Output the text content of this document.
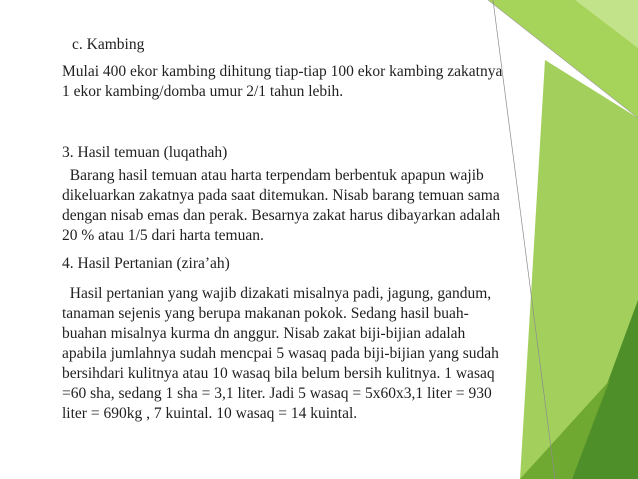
c. Kambing
Mulai 400 ekor kambing dihitung tiap-tiap 100 ekor kambing zakatnya
1 ekor kambing/domba umur 2/1 tahun lebih.
3. Hasil temuan (luqathah)
Barang hasil temuan atau harta terpendam berbentuk apapun wajib
dikeluarkan zakatnya pada saat ditemukan. Nisab barang temuan sama
dengan nisab emas dan perak. Besarnya zakat harus dibayarkan adalah
20 % atau 1/5 dari harta temuan.
4. Hasil Pertanian (zira’ah)
Hasil pertanian yang wajib dizakati misalnya padi, jagung, gandum,
tanaman sejenis yang berupa makanan pokok. Sedang hasil buah-
buahan misalnya kurma dn anggur. Nisab zakat biji-bijian adalah
apabila jumlahnya sudah mencpai 5 wasaq pada biji-bijian yang sudah
bersihdari kulitnya atau 10 wasaq bila belum bersih kulitnya. 1 wasaq
=60 sha, sedang 1 sha = 3,1 liter. Jadi 5 wasaq = 5x60x3,1 liter = 930
liter = 690kg , 7 kuintal. 10 wasaq = 14 kuintal.
